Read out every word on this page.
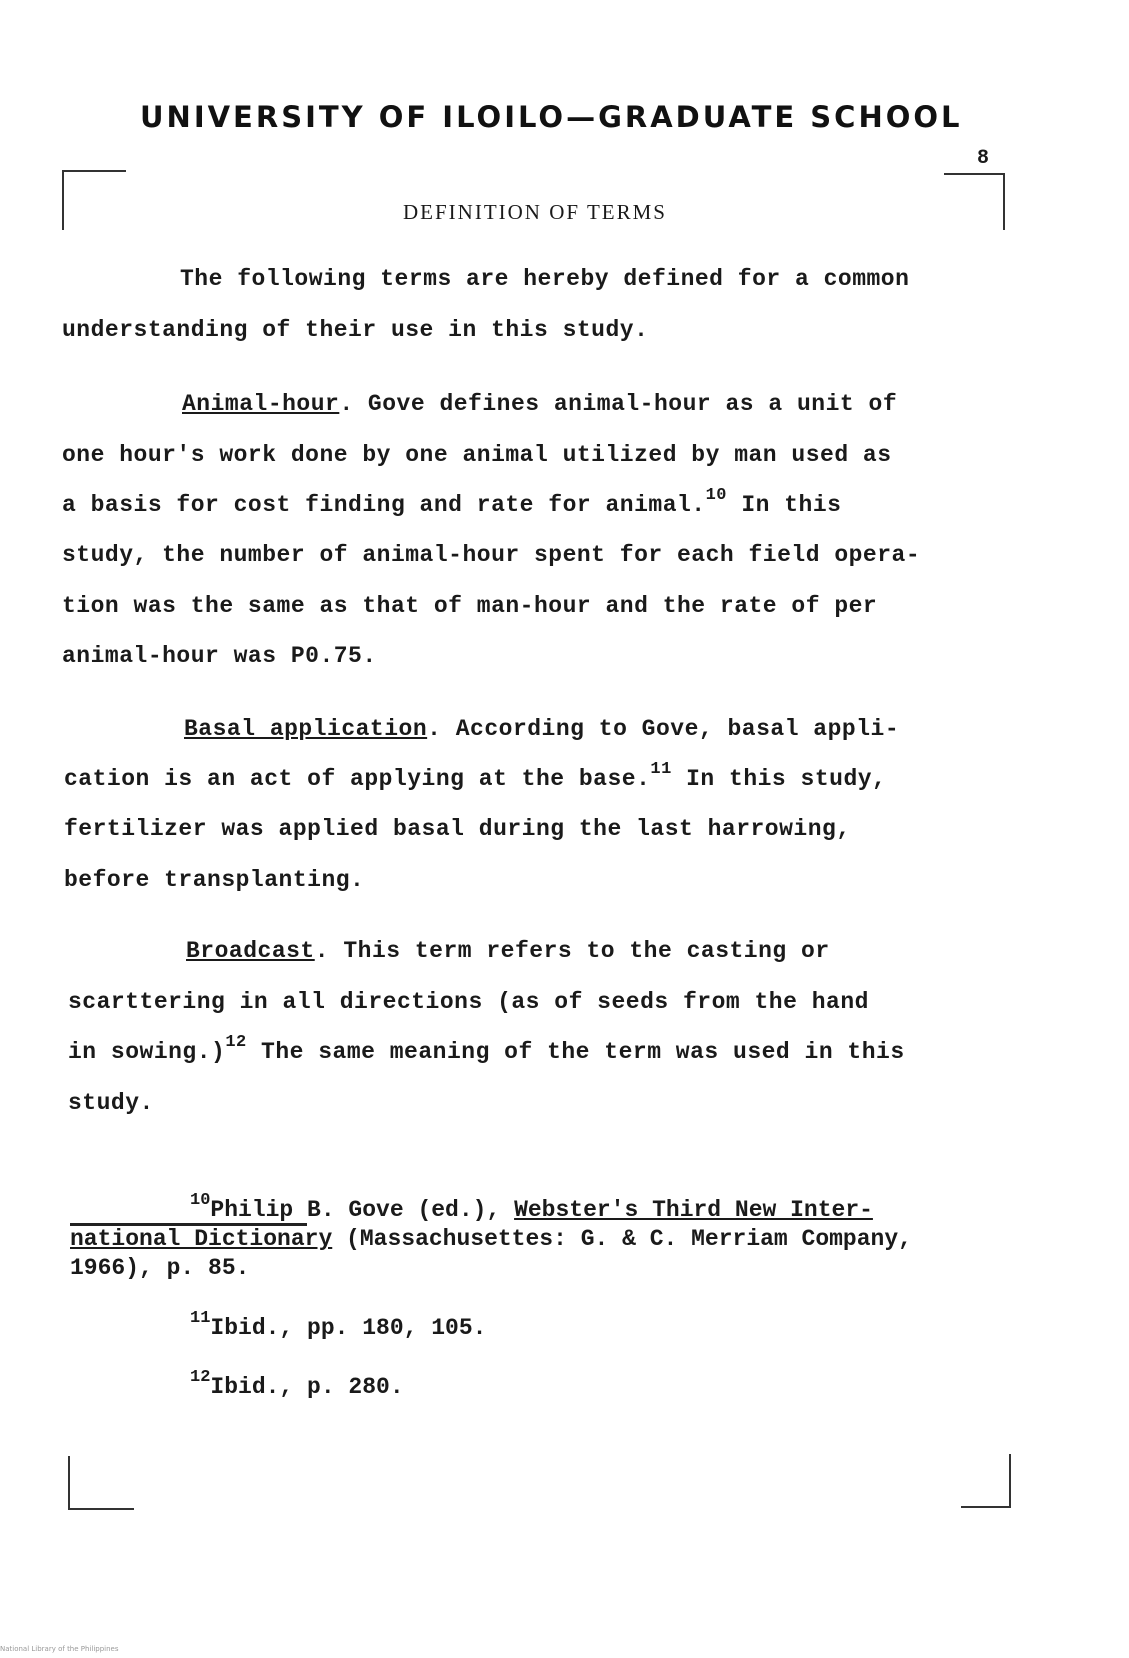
UNIVERSITY OF ILOILO—GRADUATE SCHOOL
8
DEFINITION OF TERMS
The following terms are hereby defined for a common
understanding of their use in this study.
Animal-hour. Gove defines animal-hour as a unit of
one hour's work done by one animal utilized by man used as
a basis for cost finding and rate for animal.$^{10}$ In this
study, the number of animal-hour spent for each field opera-
tion was the same as that of man-hour and the rate of per
animal-hour was P0.75.
Basal application. According to Gove, basal appli-
cation is an act of applying at the base.$^{11}$ In this study,
fertilizer was applied basal during the last harrowing,
before transplanting.
Broadcast. This term refers to the casting or
scarttering in all directions (as of seeds from the hand
in sowing.)$^{12}$ The same meaning of the term was used in this
study.
$^{10}$Philip B. Gove (ed.), Webster's Third New Inter-
national Dictionary (Massachusettes: G. & C. Merriam Company,
1966), p. 85.
$^{11}$Ibid., pp. 180, 105.
$^{12}$Ibid., p. 280.
National Library of the Philippines
